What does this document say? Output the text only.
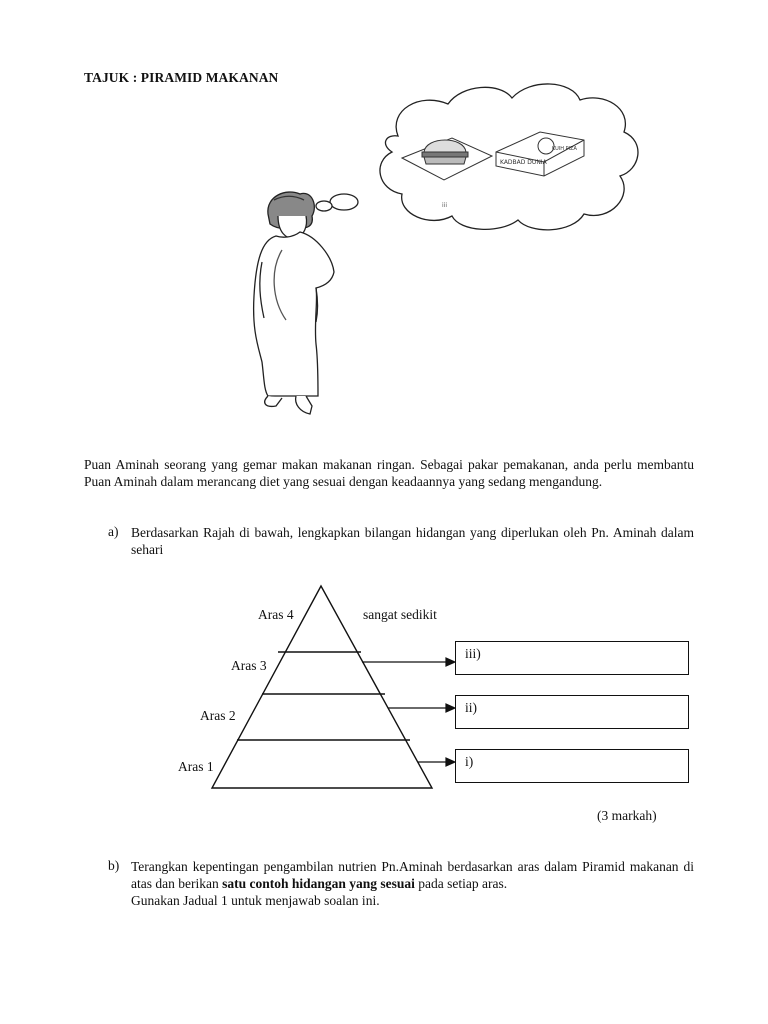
TAJUK : PIRAMID MAKANAN
KADBAD DUNIA
KUIH PIZA
iii
Puan Aminah seorang yang gemar makan makanan ringan. Sebagai pakar pemakanan, anda perlu membantu Puan Aminah dalam merancang diet yang sesuai dengan keadaannya yang sedang mengandung.
a) Berdasarkan Rajah di bawah, lengkapkan bilangan hidangan yang diperlukan oleh Pn. Aminah dalam sehari
Aras 4	sangat sedikit
Aras 3
Aras 2
Aras 1
iii)
ii)
i)
(3 markah)
b) Terangkan kepentingan pengambilan nutrien Pn.Aminah berdasarkan aras dalam Piramid makanan di atas dan berikan satu contoh hidangan yang sesuai pada setiap aras.
Gunakan Jadual 1 untuk menjawab soalan ini.
